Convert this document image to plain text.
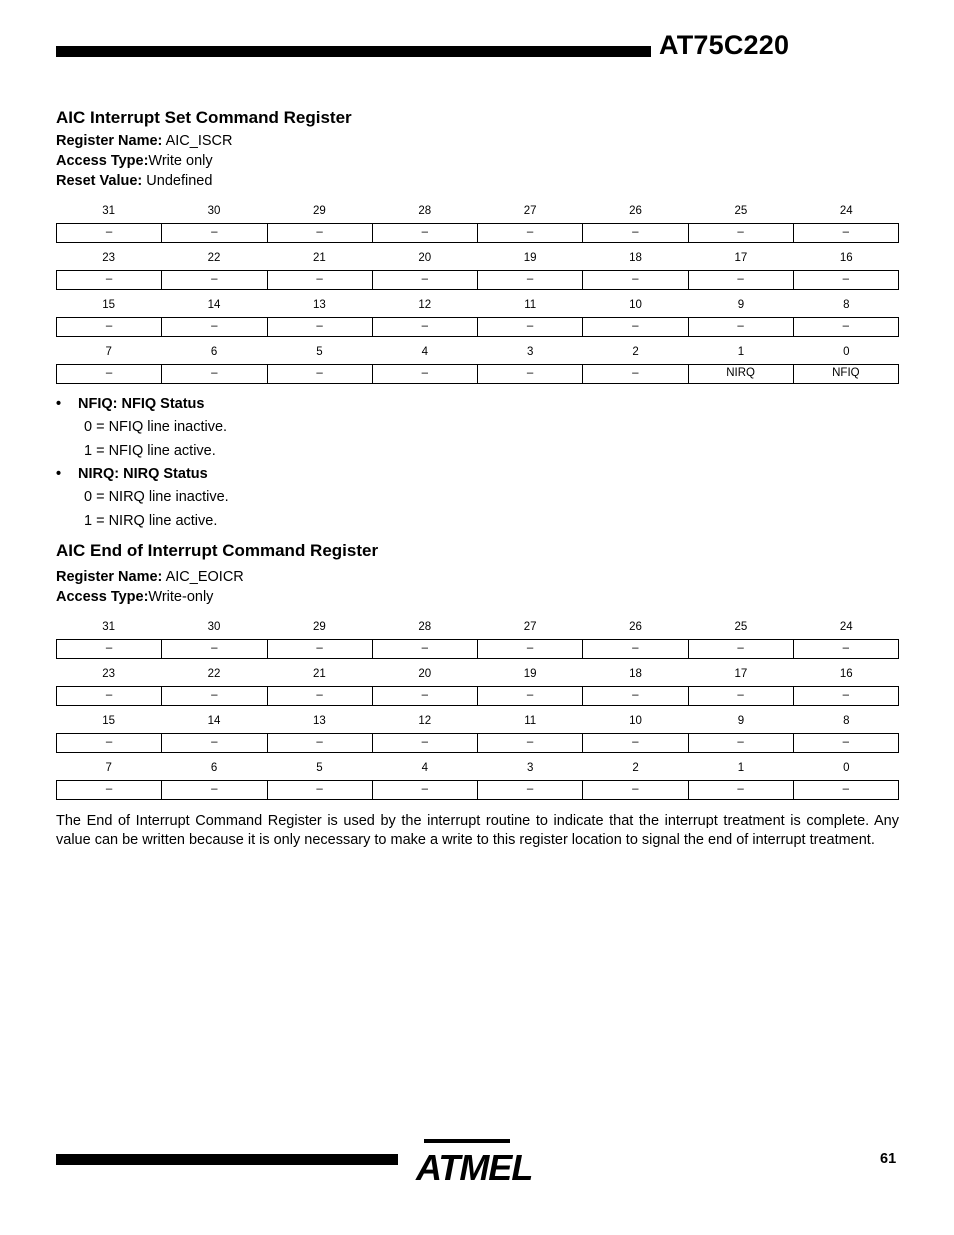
AT75C220
AIC Interrupt Set Command Register
Register Name: AIC_ISCR
Access Type:Write only
Reset Value: Undefined
31	30	29	28	27	26	25	24
–	–	–	–	–	–	–	–
23	22	21	20	19	18	17	16
–	–	–	–	–	–	–	–
15	14	13	12	11	10	9	8
–	–	–	–	–	–	–	–
7	6	5	4	3	2	1	0
–	–	–	–	–	–	NIRQ	NFIQ
• NFIQ: NFIQ Status
0 = NFIQ line inactive.
1 = NFIQ line active.
• NIRQ: NIRQ Status
0 = NIRQ line inactive.
1 = NIRQ line active.
AIC End of Interrupt Command Register
Register Name: AIC_EOICR
Access Type:Write-only
31	30	29	28	27	26	25	24
–	–	–	–	–	–	–	–
23	22	21	20	19	18	17	16
–	–	–	–	–	–	–	–
15	14	13	12	11	10	9	8
–	–	–	–	–	–	–	–
7	6	5	4	3	2	1	0
–	–	–	–	–	–	–	–
The End of Interrupt Command Register is used by the interrupt routine to indicate that the interrupt treatment is complete. Any value can be written because it is only necessary to make a write to this register location to signal the end of interrupt treatment.
ATMEL	61
